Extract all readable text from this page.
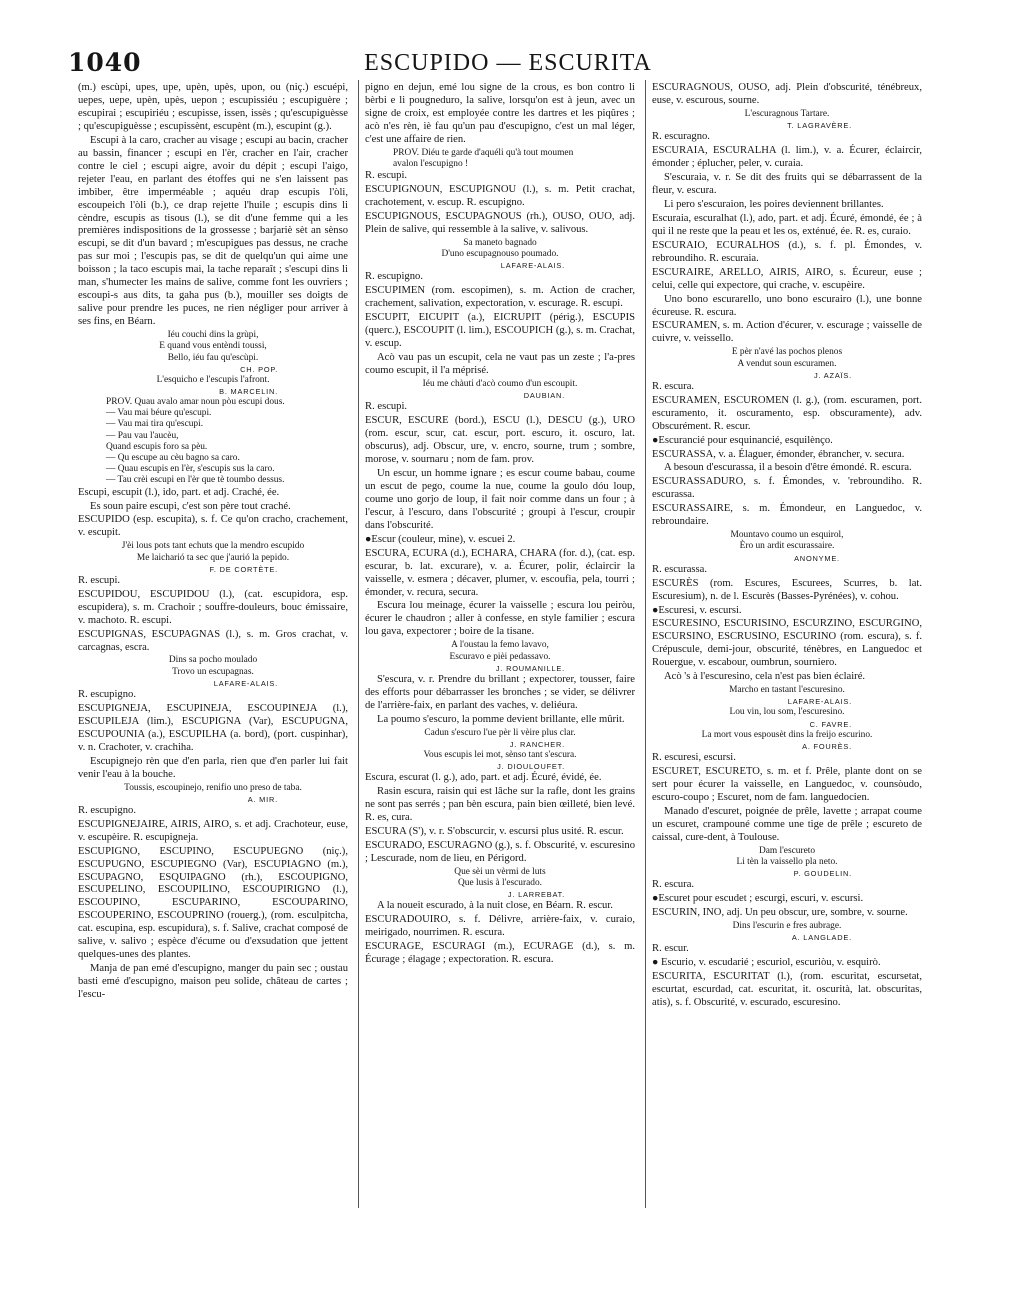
1040	ESCUPIDO — ESCURITA
(m.) escùpi, upes, upe, upèn, upès, upon, ou (niç.) escuépi, uepes, uepe, upèn, upès, uepon ; escupissiéu ; escupiguère ; escupirai ; escupiriéu ; escupisse, issen, issès ; qu'escupiguèsse ; qu'escupiguèsse ; escupissènt, escupènt (m.), escupint (g.).
Escupi à la caro, cracher au visage ; escupi au bacin, cracher au bassin, financer ; escupi en l'èr, cracher en l'air, cracher contre le ciel ; escupi aigre, avoir du dépit ; escupi l'aigo, rejeter l'eau, en parlant des étoffes qui ne s'en laissent pas imbiber, être imperméable ; aquéu drap escupis l'òli, escoupeich l'òli (b.), ce drap rejette l'huile ; escupis dins li cèndre, escupis as tisous (l.), se dit d'une femme qui a les premières indispositions de la grossesse ; barjariè sèt an sènso escupi, se dit d'un bavard ; m'escupigues pas dessus, ne crache pas sur moi ; l'escupis pas, se dit de quelqu'un qui aime une boisson ; la taco escupis mai, la tache reparaît ; s'escupi dins li man, s'humecter les mains de salive, comme font les ouvriers ; escoupi-s aus dits, ta gaha pus (b.), mouiller ses doigts de salive pour prendre les puces, ne rien négliger pour arriver à ses fins, en Béarn.
Iéu couchi dins la grùpi,
E quand vous entèndi toussi,
Bello, iéu fau qu'escùpi.
CH. POP.
L'esquicho e l'escupis l'afront.
B. MARCELIN.
PROV. Quau avalo amar noun pòu escupi dous.
— Vau mai béure qu'escupi.
— Vau mai tira qu'escupi.
— Pau vau l'aucèu,
Quand escupis foro sa pèu.
— Qu escupe au cèu bagno sa caro.
— Quau escupis en l'èr, s'escupis sus la caro.
— Tau crèi escupi en l'èr que tè toumbo dessus.
Escupi, escupit (l.), ido, part. et adj. Craché, ée.
Es soun paire escupi, c'est son père tout craché.
ESCUPIDO (esp. escupita), s. f. Ce qu'on cracho, crachement, v. escupit.
J'èi lous pots tant echuts que la mendro escupido
Me laicharió ta sec que j'aurió la pepido.
F. DE CORTÈTE.
R. escupi.
ESCUPIDOU, ESCUPIDOU (l.), (cat. escupidora, esp. escupidera), s. m. Crachoir ; souffre-douleurs, bouc émissaire, v. machoto. R. escupi.
ESCUPIGNAS, ESCUPAGNAS (l.), s. m. Gros crachat, v. carcagnas, escra.
Dins sa pocho moulado
Trovo un escupagnas.
LAFARE-ALAIS.
R. escupigno.
ESCUPIGNEJA, ESCUPINEJA, ESCOUPINEJA (l.), ESCUPILEJA (lim.), ESCUPIGNA (Var), ESCUPUGNA, ESCUPOUNIA (a.), ESCUPILHA (a. bord), (port. cuspinhar), v. n. Crachoter, v. crachiha.
Escupignejo rèn que d'en parla, rien que d'en parler lui fait venir l'eau à la bouche.
Toussis, escoupinejo, renifio uno preso de taba.
A. MIR.
R. escupigno.
ESCUPIGNEJAIRE, AIRIS, AIRO, s. et adj. Crachoteur, euse, v. escupèire. R. escupigneja.
ESCUPIGNO, ESCUPINO, ESCUPUEGNO (niç.), ESCUPUGNO, ESCUPIEGNO (Var), ESCUPIAGNO (m.), ESCUPAGNO, ESQUIPAGNO (rh.), ESCOUPIGNO, ESCUPELINO, ESCOUPILINO, ESCOUPIRIGNO (l.), ESCOUPINO, ESCUPARINO, ESCOUPARINO, ESCOUPERINO, ESCOUPRINO (rouerg.), (rom. esculpitcha, cat. escupina, esp. escupidura), s. f. Salive, crachat composé de salive, v. salivo ; espèce d'écume ou d'exsudation que jettent quelques-unes des plantes.
Manja de pan emé d'escupigno, manger du pain sec ; oustau basti emé d'escupigno, maison peu solide, château de cartes ; l'escu-
pigno en dejun, emé lou signe de la crous, es bon contro li bèrbi e li pougneduro, la salive, lorsqu'on est à jeun, avec un signe de croix, est employée contre les dartres et les piqûres ; acò n'es rèn, iè fau qu'un pau d'escupigno, c'est un mal léger, c'est une affaire de rien.
PROV. Diéu te garde d'aquéli qu'à tout moumen
avalon l'escupigno !
R. escupi.
ESCUPIGNOUN, ESCUPIGNOU (l.), s. m. Petit crachat, crachotement, v. escup. R. escupigno.
ESCUPIGNOUS, ESCUPAGNOUS (rh.), OUSO, OUO, adj. Plein de salive, qui ressemble à la salive, v. salivous.
Sa maneto bagnado
D'uno escupagnouso poumado.
LAFARE-ALAIS.
R. escupigno.
ESCUPIMEN (rom. escopimen), s. m. Action de cracher, crachement, salivation, expectoration, v. escurage. R. escupi.
ESCUPIT, EICUPIT (a.), EICRUPIT (périg.), ESCUPIS (querc.), ESCOUPIT (l. lim.), ESCOUPICH (g.), s. m. Crachat, v. escup.
Acò vau pas un escupit, cela ne vaut pas un zeste ; l'a-pres coumo escupit, il l'a méprisé.
Iéu me chàuti d'acò coumo d'un escoupit.
DAUBIAN.
R. escupi.
ESCUR, ESCURE (bord.), ESCU (l.), DESCU (g.), URO (rom. escur, scur, cat. escur, port. escuro, it. oscuro, lat. obscurus), adj. Obscur, ure, v. encro, sourne, trum ; sombre, morose, v. sournaru ; nom de fam. prov.
Un escur, un homme ignare ; es escur coume babau, coume un escut de pego, coume la nue, coume la goulo dóu loup, coume uno gorjo de loup, il fait noir comme dans un four ; à l'escur, à l'escuro, dans l'obscurité ; groupi à l'escur, croupir dans l'obscurité.
●Escur (couleur, mine), v. escuei 2.
ESCURA, ECURA (d.), ECHARA, CHARA (for. d.), (cat. esp. escurar, b. lat. excurare), v. a. Écurer, polir, éclaircir la vaisselle, v. esmera ; décaver, plumer, v. escoufia, pela, tourri ; émonder, v. recura, secura.
Escura lou meinage, écurer la vaisselle ; escura lou peiròu, écurer le chaudron ; aller à confesse, en style familier ; escura lou gava, expectorer ; boire de la tisane.
A l'oustau la femo lavavo,
Escuravo e pièi pedassavo.
J. ROUMANILLE.
S'escura, v. r. Prendre du brillant ; expectorer, tousser, faire des efforts pour débarrasser les bronches ; se vider, se délivrer de l'arrière-faix, en parlant des vaches, v. deliéura.
La poumo s'escuro, la pomme devient brillante, elle mûrit.
Cadun s'escuro l'ue pèr li vèire plus clar.
J. RANCHER.
Vous escupis lei mot, sènso tant s'escura.
J. DIOULOUFET.
Escura, escurat (l. g.), ado, part. et adj. Écuré, évidé, ée.
Rasin escura, raisin qui est lâche sur la rafle, dont les grains ne sont pas serrés ; pan bèn escura, pain bien œilleté, bien levé. R. es, cura.
ESCURA (S'), v. r. S'obscurcir, v. escursi plus usité. R. escur.
ESCURADO, ESCURAGNO (g.), s. f. Obscurité, v. escuresino ; Lescurade, nom de lieu, en Périgord.
Que sèi un vèrmi de luts
Que lusis à l'escurado.
J. LARREBAT.
A la noueit escurado, à la nuit close, en Béarn. R. escur.
ESCURADOUIRO, s. f. Délivre, arrière-faix, v. curaio, meirigado, nourrimen. R. escura.
ESCURAGE, ESCURAGI (m.), ECURAGE (d.), s. m. Écurage ; élagage ; expectoration. R. escura.
ESCURAGNOUS, OUSO, adj. Plein d'obscurité, ténébreux, euse, v. escurous, sourne.
L'escuragnous Tartare.
T. LAGRAVÈRE.
R. escuragno.
ESCURAIA, ESCURALHA (l. lim.), v. a. Écurer, éclaircir, émonder ; éplucher, peler, v. curaia.
S'escuraia, v. r. Se dit des fruits qui se débarrassent de la fleur, v. escura.
Li pero s'escuraion, les poires deviennent brillantes.
Escuraia, escuralhat (l.), ado, part. et adj. Écuré, émondé, ée ; à qui il ne reste que la peau et les os, exténué, ée. R. es, curaio.
ESCURAIO, ECURALHOS (d.), s. f. pl. Émondes, v. rebroundiho. R. escuraia.
ESCURAIRE, ARELLO, AIRIS, AIRO, s. Écureur, euse ; celui, celle qui expectore, qui crache, v. escupèire.
Uno bono escurarello, uno bono escurairo (l.), une bonne écureuse. R. escura.
ESCURAMEN, s. m. Action d'écurer, v. escurage ; vaisselle de cuivre, v. veissello.
E pèr n'avé las pochos plenos
A vendut soun escuramen.
J. AZAÏS.
R. escura.
ESCURAMEN, ESCUROMEN (l. g.), (rom. escuramen, port. escuramento, it. oscuramento, esp. obscuramente), adv. Obscurément. R. escur.
●Escurancié pour esquinancié, esquilènço.
ESCURASSA, v. a. Élaguer, émonder, ébrancher, v. secura.
A besoun d'escurassa, il a besoin d'être émondé. R. escura.
ESCURASSADURO, s. f. Émondes, v. 'rebroundiho. R. escurassa.
ESCURASSAIRE, s. m. Émondeur, en Languedoc, v. rebroundaire.
Mountavo coumo un esquirol,
Èro un ardit escurassaire.
ANONYME.
R. escurassa.
ESCURÈS (rom. Escures, Escurees, Scurres, b. lat. Escuresium), n. de l. Escurès (Basses-Pyrénées), v. cohou.
●Escuresi, v. escursi.
ESCURESINO, ESCURISINO, ESCURZINO, ESCURGINO, ESCURSINO, ESCRUSINO, ESCURINO (rom. escura), s. f. Crépuscule, demi-jour, obscurité, ténèbres, en Languedoc et Rouergue, v. escabour, oumbrun, sourniero.
Acò 's à l'escuresino, cela n'est pas bien éclairé.
Marcho en tastant l'escuresino.
LAFARE-ALAIS.
Lou vin, lou som, l'escuresino.
C. FAVRE.
La mort vous espousèt dins la freijo escurino.
A. FOURÈS.
R. escuresi, escursi.
ESCURET, ESCURETO, s. m. et f. Prêle, plante dont on se sert pour écurer la vaisselle, en Languedoc, v. counsòudo, escuro-coupo ; Escuret, nom de fam. languedocien.
Manado d'escuret, poignée de prêle, lavette ; arrapat coume un escuret, crampouné comme une tige de prêle ; escureto de caissal, cure-dent, à Toulouse.
Dam l'escureto
Li tèn la vaissello pla neto.
P. GOUDELIN.
R. escura.
●Escuret pour escudet ; escurgi, escuri, v. escursi.
ESCURIN, INO, adj. Un peu obscur, ure, sombre, v. sourne.
Dins l'escurin e fres aubrage.
A. LANGLADE.
R. escur.
● Escurio, v. escudarié ; escuriol, escuriòu, v. esquirò.
ESCURITA, ESCURITAT (l.), (rom. escuritat, escursetat, escurtat, escurdad, cat. escuritat, it. oscurità, lat. obscuritas, atis), s. f. Obscurité, v. escurado, escuresino.
